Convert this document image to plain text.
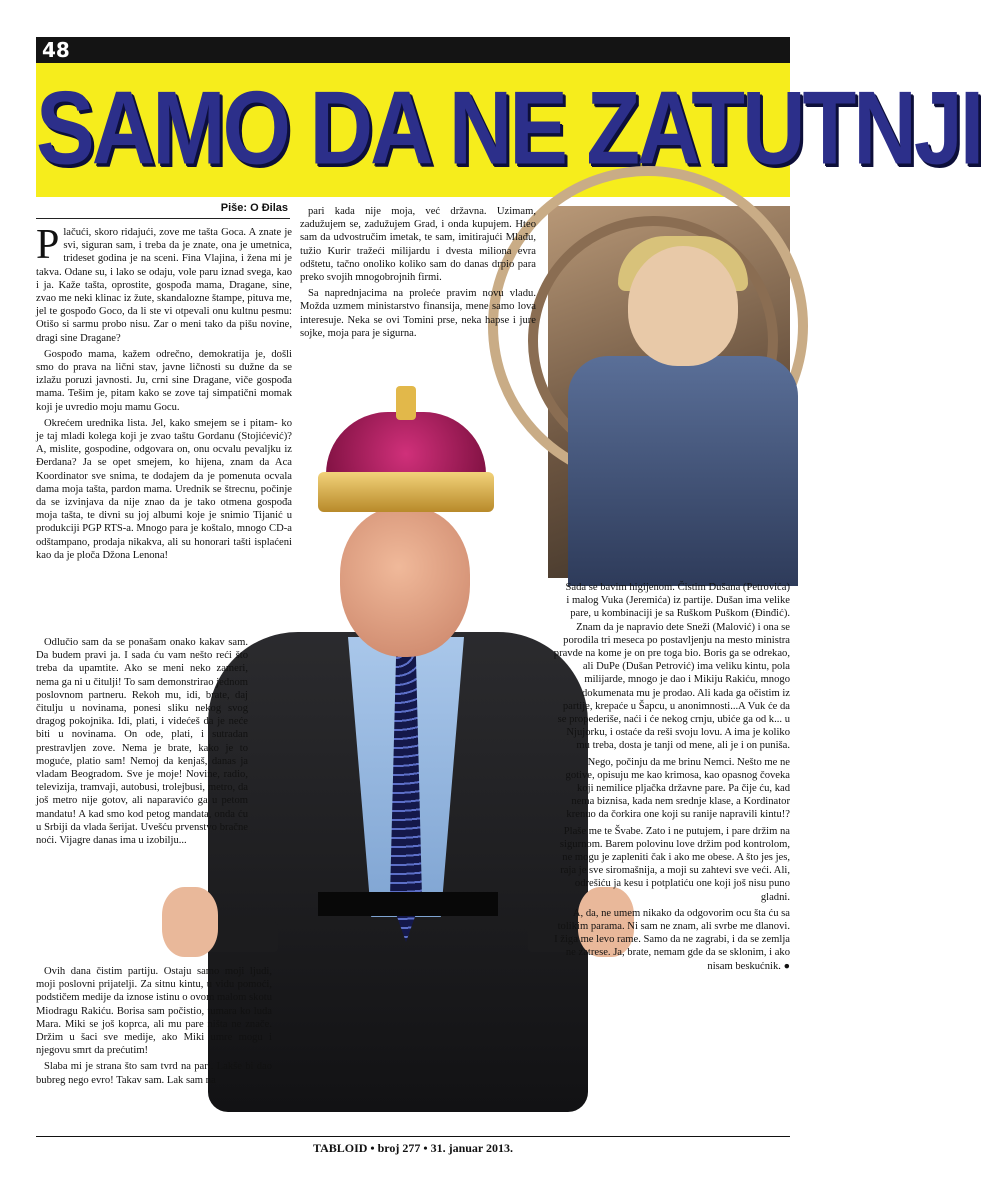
48
SAMO DA NE ZATUTNJI
Piše: O Đilas

Plačući, skoro ridajući, zove me tašta Goca. A znate je svi, siguran sam, i treba da je znate, ona je umetnica, trideset godina je na sceni. Fina Vlajina, i žena mi je takva. Odane su, i lako se odaju, vole paru iznad svega, kao i ja. Kaže tašta, oprostite, gospođa mama, Dragane, sine, zvao me neki klinac iz žute, skandalozne štampe, pituva me, jel te gospođo Goco, da li ste vi otpevali onu kultnu pesmu: Otišo si sarmu probo nisu. Zar o meni tako da pišu novine, dragi sine Dragane?

Gospođo mama, kažem odrečno, demokratija je, došli smo do prava na lični stav, javne ličnosti su dužne da se izlažu poruzi javnosti. Ju, crni sine Dragane, viče gospođa mama. Tešim je, pitam kako se zove taj simpatični momak koji je uvredio moju mamu Gocu.

Okrećem urednika lista. Jel, kako smejem se i pitam- ko je taj mladi kolega koji je zvao taštu Gordanu (Stojićević)? A, mislite, gospodine, odgovara on, onu ocvalu pevaljku iz Đerdana? Ja se opet smejem, ko hijena, znam da Aca Koordinator sve snima, te dodajem da je pomenuta ocvala dama moja tašta, pardon mama. Urednik se štrecnu, počinje da se izvinjava da nije znao da je tako otmena gospođa moja tašta, te divni su joj albumi koje je snimio Tijanić u produkciji PGP RTS-a. Mnogo para je koštalo, mnogo CD-a odštampano, prodaja nikakva, ali su honorari tašti isplaćeni kao da je ploča Džona Lenona!

Odlučio sam da se ponašam onako kakav sam. Da budem pravi ja. I sada ću vam nešto reći što treba da upamtite. Ako se meni neko zameri, nema ga ni u čitulji! To sam demonstrirao jednom poslovnom partneru. Rekoh mu, idi, brate, daj čitulju u novinama, ponesi sliku nekog svog dragog pokojnika. Idi, plati, i videćeš da je neće biti u novinama. On ode, plati, i sutradan prestravljen zove. Nema je brate, kako je to moguće, platio sam! Nemoj da kenjaš, danas ja vladam Beogradom. Sve je moje! Novine, radio, televizija, tramvaji, autobusi, trolejbusi, metro, da još metro nije gotov, ali naparavićo ga u petom mandatu! A kad smo kod petog mandata, onda ću u Srbiji da vlada šerijat. Uvešću prvenstvo bračne noći. Vijagre danas ima u izobilju...

Ovih dana čistim partiju. Ostaju samo moji ljudi, moji poslovni prijatelji. Za sitnu kintu, u vidu pomoći, podstičem medije da iznose istinu o ovom malom skotu Miodragu Rakiću. Borisa sam počistio, tumara ko luda Mara. Miki se još koprca, ali mu pare ništa ne znače. Držim u šaci sve medije, ako Miki umre mogu i njegovu smrt da prećutim!

Slaba mi je strana što sam tvrd na pari. Lakše bi dao bubreg nego evro! Takav sam. Lak sam na

pari kada nije moja, već državna. Uzimam, zadužujem se, zadužujem Grad, i onda kupujem. Hteo sam da udvostručim imetak, te sam, imitirajući Mlađu, tužio Kurir tražeći milijardu i dvesta miliona evra odštetu, tačno onoliko koliko sam do danas drpio para preko svojih mnogobrojnih firmi.

Sa naprednjacima na proleće pravim novu vladu. Možda uzmem ministarstvo finansija, mene samo lova interesuje. Neka se ovi Tomini prse, neka hapse i jure sojke, moja para je sigurna.

Sada se bavim higijenom. Čistim Dušana (Petrovića) i malog Vuka (Jeremića) iz partije. Dušan ima velike pare, u kombinaciji je sa Ruškom Puškom (Đinđić). Znam da je napravio dete Sneži (Malović) i ona se porodila tri meseca po postavljenju na mesto ministra pravde na kome je on pre toga bio. Boris ga se odrekao, ali DuPe (Dušan Petrović) ima veliku kintu, pola milijarde, mnogo je dao i Mikiju Rakiću, mnogo dokumenata mu je prodao. Ali kada ga očistim iz partije, krepaće u Šapcu, u anonimnosti...A Vuk će da se propederiše, naći i će nekog crnju, ubiće ga od k... u Njujorku, i ostaće da reši svoju lovu. A ima je koliko mu treba, dosta je tanji od mene, ali je i on puniša.

Nego, počinju da me brinu Nemci. Nešto me ne gotive, opisuju me kao krimosa, kao opasnog čoveka koji nemilice pljačka državne pare. Pa čije ću, kad nema biznisa, kada nem srednje klase, a Kordinator krenuo da čorkira one koji su ranije napravili kintu!?

Plaše me te Švabe. Zato i ne putujem, i pare držim na sigurnom. Barem polovinu love držim pod kontrolom, ne mogu je zapleniti čak i ako me obese. A što jes jes, raja je sve siromašnija, a moji su zahtevi sve veći. Ali, odrešiću ja kesu i potplatiću one koji još nisu puno gladni.

A, da, ne umem nikako da odgovorim ocu šta ću sa tolikim parama. Ni sam ne znam, ali svrbe me dlanovi. I žiga me levo rame. Samo da ne zagrabi, i da se zemlja ne zatrese. Ja, brate, nemam gde da se sklonim, i ako nisam beskućnik. ●

TABLOID • broj 277 • 31. januar 2013.
